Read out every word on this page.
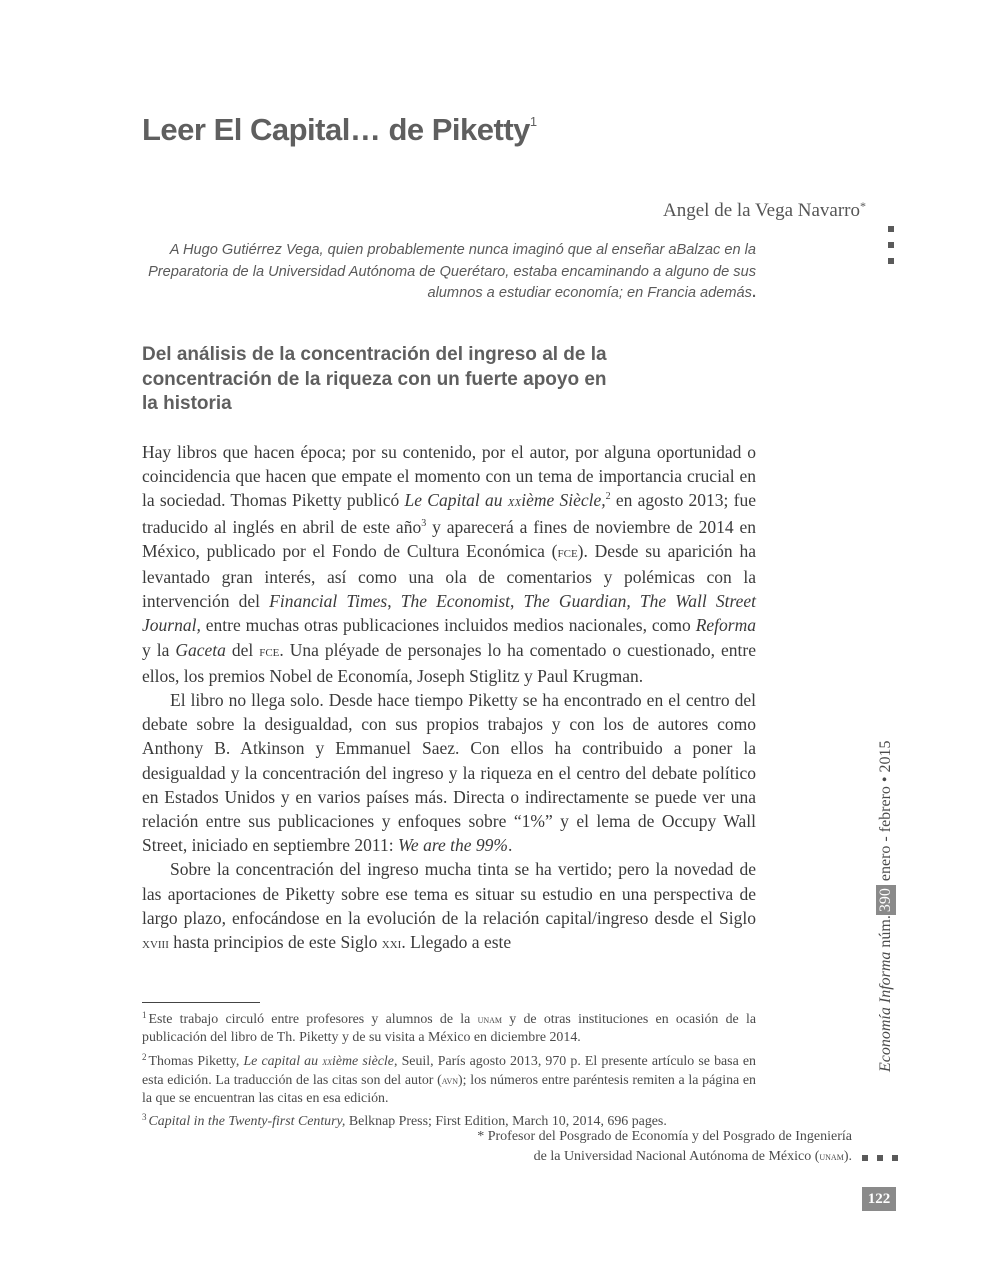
Leer El Capital… de Piketty$^1$
Angel de la Vega Navarro*

A Hugo Gutiérrez Vega, quien probablemente nunca imaginó que al enseñar aBalzac en la Preparatoria de la Universidad Autónoma de Querétaro, estaba encaminando a alguno de sus alumnos a estudiar economía; en Francia además.

Del análisis de la concentración del ingreso al de la concentración de la riqueza con un fuerte apoyo en la historia

Hay libros que hacen época; por su contenido, por el autor, por alguna oportunidad o coincidencia que hacen que empate el momento con un tema de importancia crucial en la sociedad. Thomas Piketty publicó Le Capital au xxième Siècle,$^2$ en agosto 2013; fue traducido al inglés en abril de este año$^3$ y aparecerá a fines de noviembre de 2014 en México, publicado por el Fondo de Cultura Económica (fce). Desde su aparición ha levantado gran interés, así como una ola de comentarios y polémicas con la intervención del Financial Times, The Economist, The Guardian, The Wall Street Journal, entre muchas otras publicaciones incluidos medios nacionales, como Reforma y la Gaceta del fce. Una pléyade de personajes lo ha comentado o cuestionado, entre ellos, los premios Nobel de Economía, Joseph Stiglitz y Paul Krugman.

El libro no llega solo. Desde hace tiempo Piketty se ha encontrado en el centro del debate sobre la desigualdad, con sus propios trabajos y con los de autores como Anthony B. Atkinson y Emmanuel Saez. Con ellos ha contribuido a poner la desigualdad y la concentración del ingreso y la riqueza en el centro del debate político en Estados Unidos y en varios países más. Directa o indirectamente se puede ver una relación entre sus publicaciones y enfoques sobre “1%” y el lema de Occupy Wall Street, iniciado en septiembre 2011: We are the 99%.

Sobre la concentración del ingreso mucha tinta se ha vertido; pero la novedad de las aportaciones de Piketty sobre ese tema es situar su estudio en una perspectiva de largo plazo, enfocándose en la evolución de la relación capital/ingreso desde el Siglo xviii hasta principios de este Siglo xxi. Llegado a este

$^1$ Este trabajo circuló entre profesores y alumnos de la unam y de otras instituciones en ocasión de la publicación del libro de Th. Piketty y de su visita a México en diciembre 2014.

$^2$ Thomas Piketty, Le capital au xxième siècle, Seuil, París agosto 2013, 970 p. El presente artículo se basa en esta edición. La traducción de las citas son del autor (avn); los números entre paréntesis remiten a la página en la que se encuentran las citas en esa edición.

$^3$ Capital in the Twenty-first Century, Belknap Press; First Edition, March 10, 2014, 696 pages.

* Profesor del Posgrado de Economía y del Posgrado de Ingeniería
de la Universidad Nacional Autónoma de México (unam).

122
Economía Informa núm.390 enero - febrero • 2015
